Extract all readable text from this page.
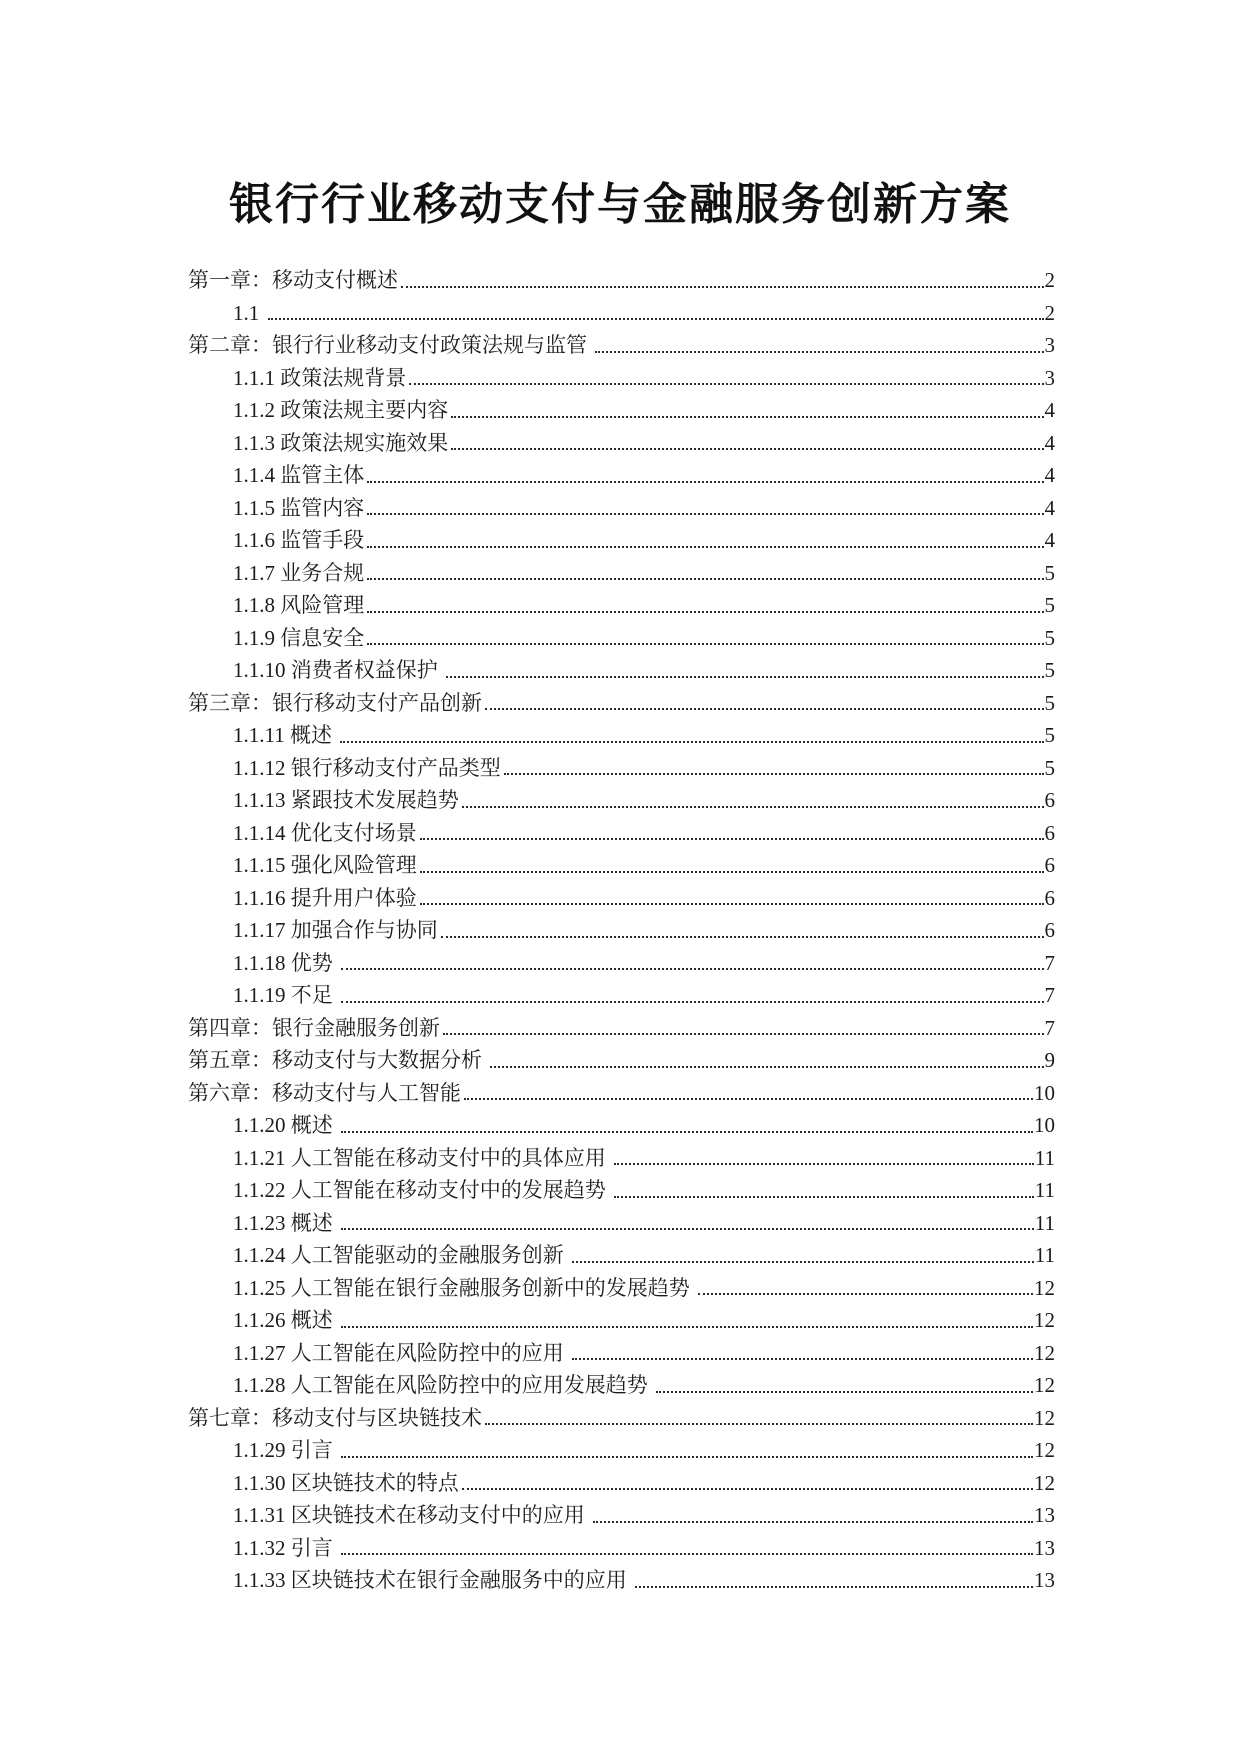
银行行业移动支付与金融服务创新方案
第一章：移动支付概述	2
1.1	2
第二章：银行行业移动支付政策法规与监管	3
1.1.1 政策法规背景	3
1.1.2 政策法规主要内容	4
1.1.3 政策法规实施效果	4
1.1.4 监管主体	4
1.1.5 监管内容	4
1.1.6 监管手段	4
1.1.7 业务合规	5
1.1.8 风险管理	5
1.1.9 信息安全	5
1.1.10 消费者权益保护	5
第三章：银行移动支付产品创新	5
1.1.11 概述	5
1.1.12 银行移动支付产品类型	5
1.1.13 紧跟技术发展趋势	6
1.1.14 优化支付场景	6
1.1.15 强化风险管理	6
1.1.16 提升用户体验	6
1.1.17 加强合作与协同	6
1.1.18 优势	7
1.1.19 不足	7
第四章：银行金融服务创新	7
第五章：移动支付与大数据分析	9
第六章：移动支付与人工智能	10
1.1.20 概述	10
1.1.21 人工智能在移动支付中的具体应用	11
1.1.22 人工智能在移动支付中的发展趋势	11
1.1.23 概述	11
1.1.24 人工智能驱动的金融服务创新	11
1.1.25 人工智能在银行金融服务创新中的发展趋势	12
1.1.26 概述	12
1.1.27 人工智能在风险防控中的应用	12
1.1.28 人工智能在风险防控中的应用发展趋势	12
第七章：移动支付与区块链技术	12
1.1.29 引言	12
1.1.30 区块链技术的特点	12
1.1.31 区块链技术在移动支付中的应用	13
1.1.32 引言	13
1.1.33 区块链技术在银行金融服务中的应用	13
